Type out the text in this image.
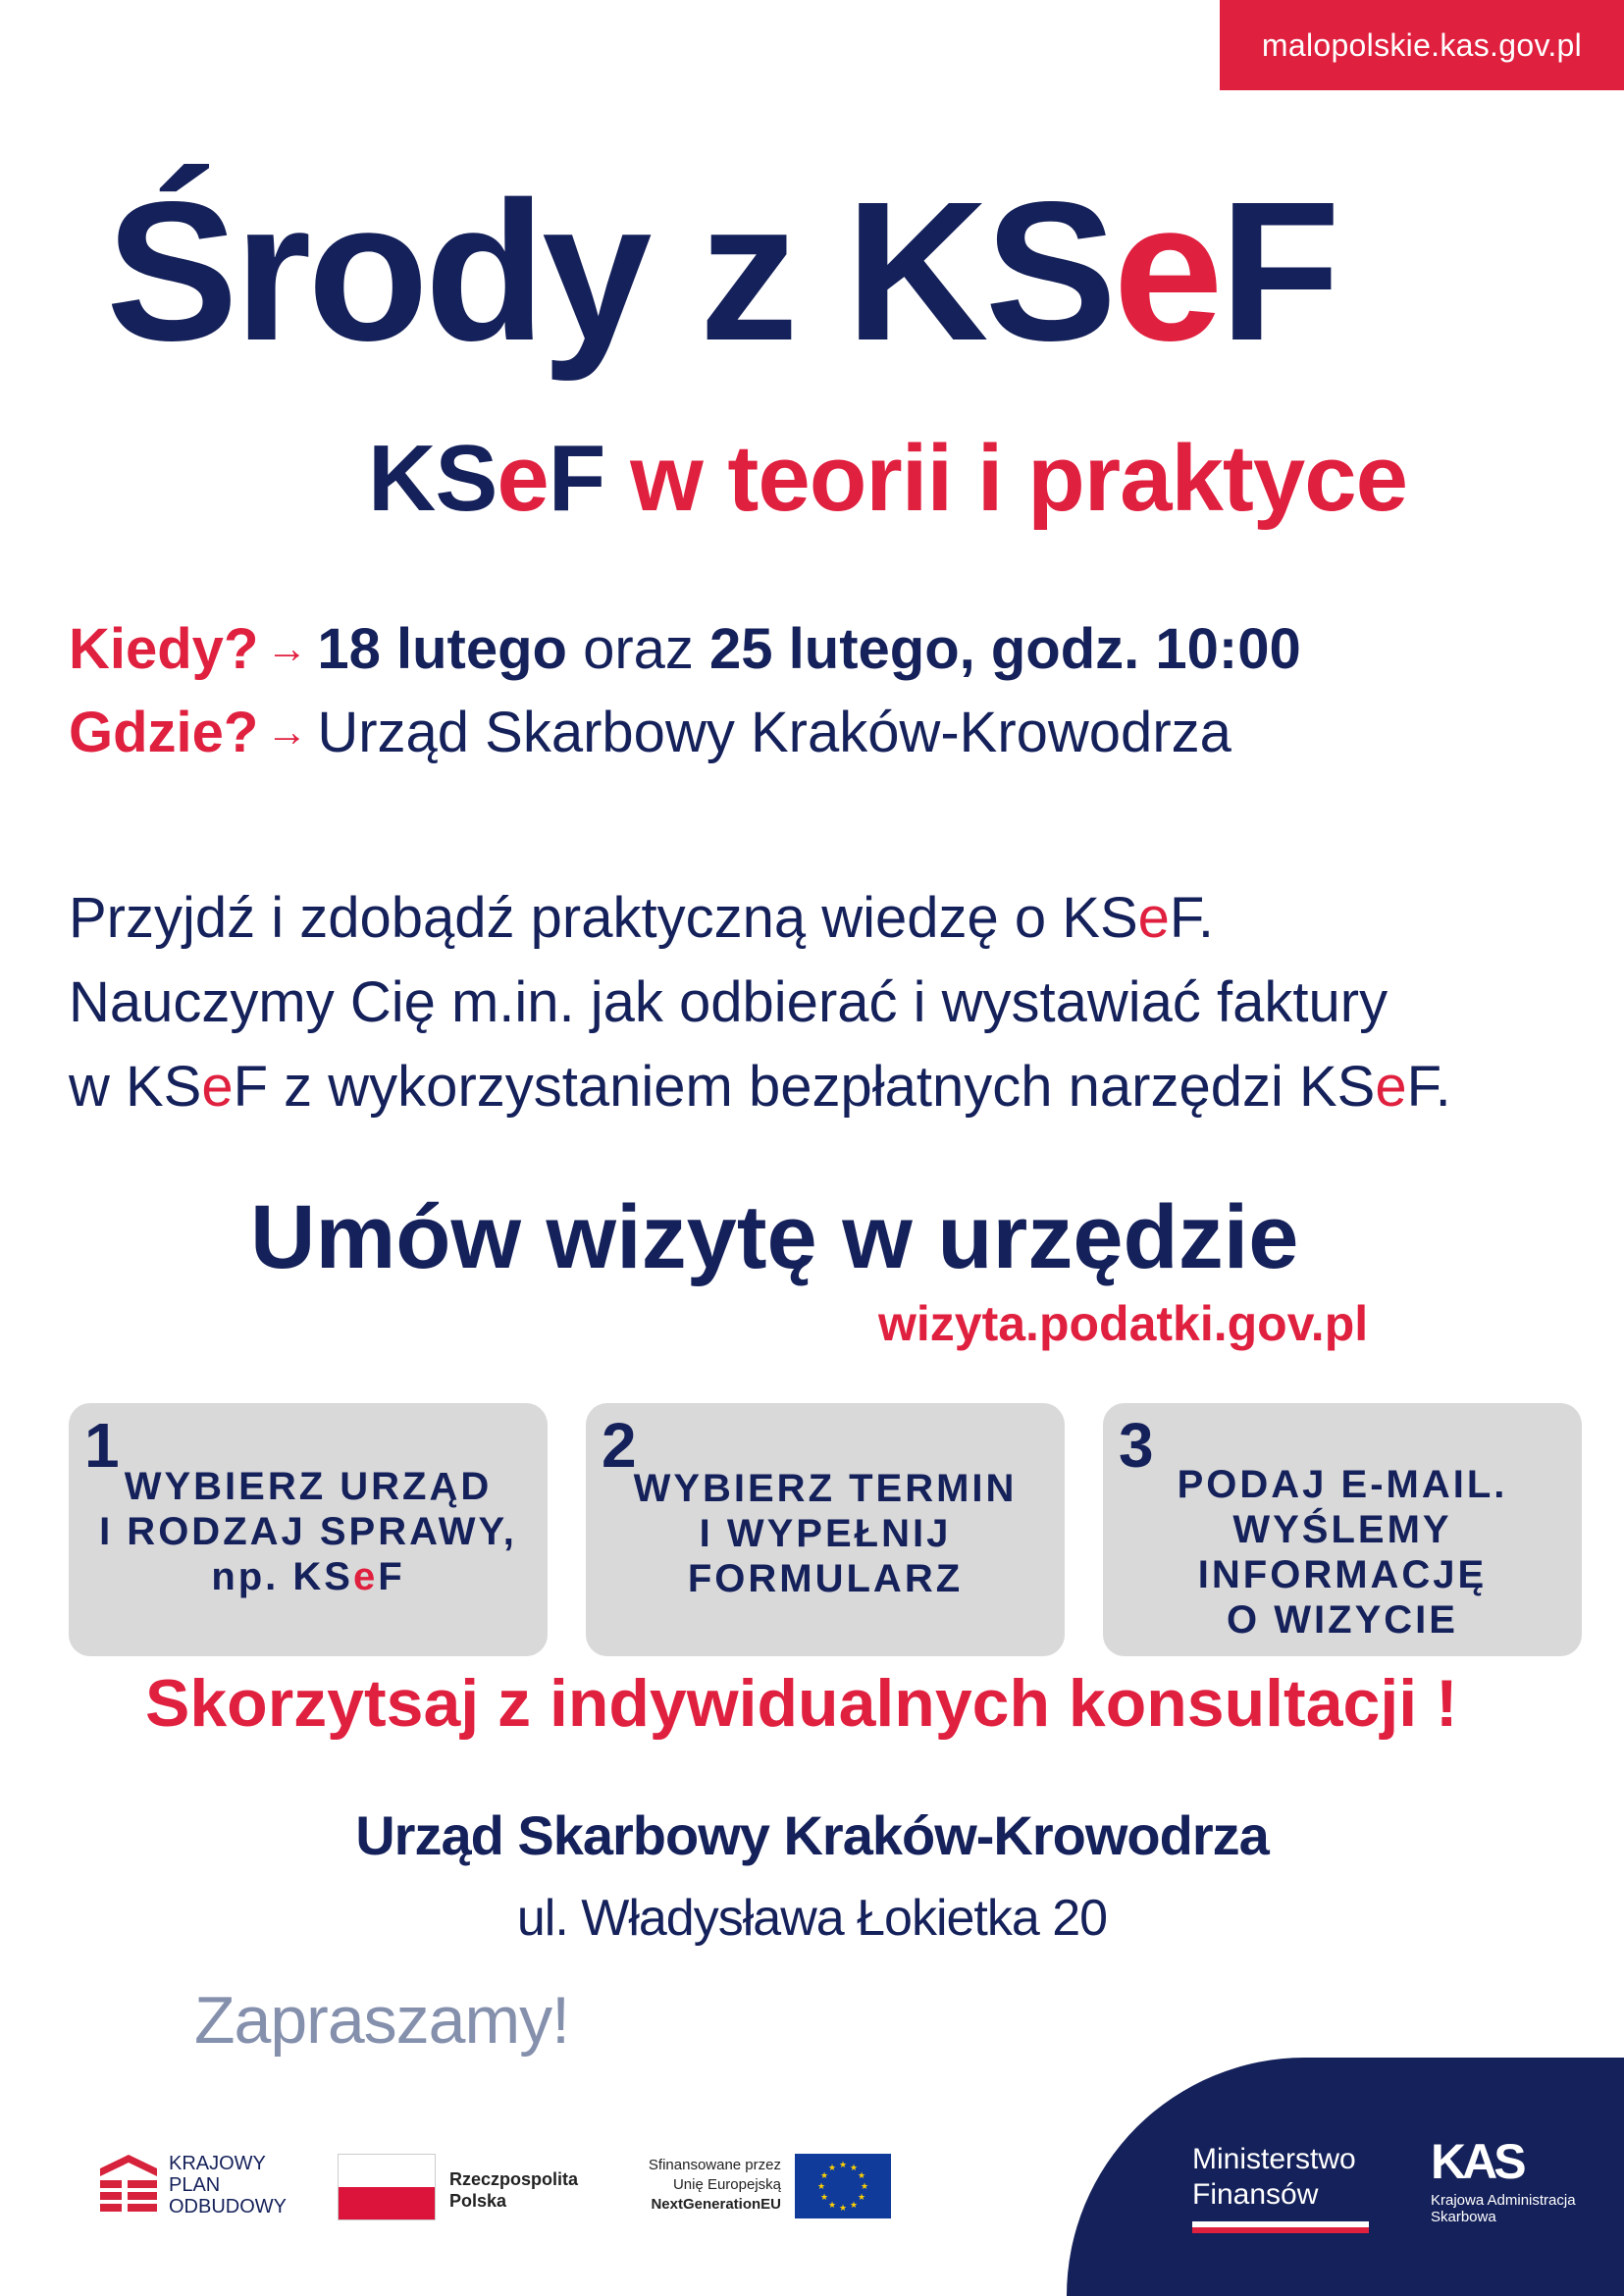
malopolskie.kas.gov.pl
Środy z KSeF
KSeF w teorii i praktyce
Kiedy? → 18 lutego oraz 25 lutego, godz. 10:00
Gdzie? → Urząd Skarbowy Kraków-Krowodrza

Przyjdź i zdobądź praktyczną wiedzę o KSeF.

Nauczymy Cię m.in. jak odbierać i wystawiać faktury

w KSeF z wykorzystaniem bezpłatnych narzędzi KSeF.

Umów wizytę w urzędzie
wizyta.podatki.gov.pl
1
WYBIERZ URZĄD
I RODZAJ SPRAWY,
np. KSeF
2
WYBIERZ TERMIN
I WYPEŁNIJ
FORMULARZ
3
PODAJ E-MAIL.
WYŚLEMY
INFORMACJĘ
O WIZYCIE
Skorzytsaj z indywidualnych konsultacji !
Urząd Skarbowy Kraków-Krowodrza
ul. Władysława Łokietka 20
Zapraszamy!
KRAJOWY
PLAN
ODBUDOWY
Rzeczpospolita
Polska
Sfinansowane przez
Unię Europejską
NextGenerationEU
★ ★
★
★
★
★
★
★
★
★
★
★	Ministerstwo
Finansów
KAS
Krajowa Administracja
Skarbowa
